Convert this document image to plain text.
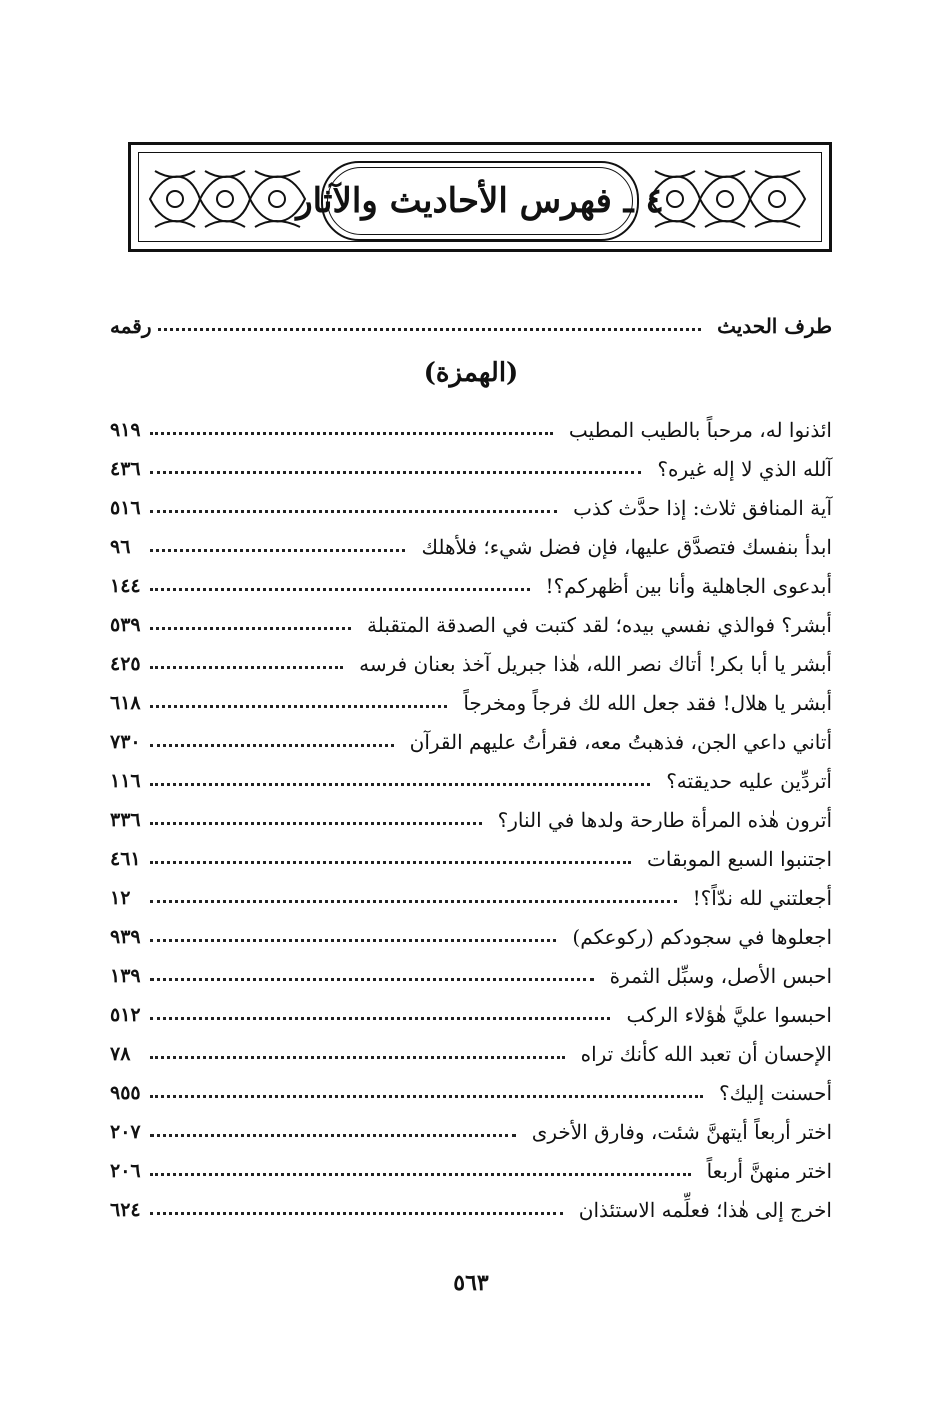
٤ ـ فهرس الأحاديث والآثار
طرف الحديث
رقمه
(الهمزة)
ائذنوا له، مرحباً بالطيب المطيب
٩١٩
آلله الذي لا إله غيره؟
٤٣٦
آية المنافق ثلاث: إذا حدَّث كذب
٥١٦
ابدأ بنفسك فتصدَّق عليها، فإن فضل شيء؛ فلأهلك
٩٦
أبدعوى الجاهلية وأنا بين أظهركم؟!
١٤٤
أبشر؟ فوالذي نفسي بيده؛ لقد كتبت في الصدقة المتقبلة
٥٣٩
أبشر يا أبا بكر! أتاك نصر الله، هٰذا جبريل آخذ بعنان فرسه
٤٢٥
أبشر يا هلال! فقد جعل الله لك فرجاً ومخرجاً
٦١٨
أتاني داعي الجن، فذهبتُ معه، فقرأتُ عليهم القرآن
٧٣٠
أتردِّين عليه حديقته؟
١١٦
أترون هٰذه المرأة طارحة ولدها في النار؟
٣٣٦
اجتنبوا السبع الموبقات
٤٦١
أجعلتني لله ندّاً؟!
١٢
اجعلوها في سجودكم (ركوعكم)
٩٣٩
احبس الأصل، وسبِّل الثمرة
١٣٩
احبسوا عليَّ هٰؤلاء الركب
٥١٢
الإحسان أن تعبد الله كأنك تراه
٧٨
أحسنت إليك؟
٩٥٥
اختر أربعاً أيتهنَّ شئت، وفارق الأخرى
٢٠٧
اختر منهنَّ أربعاً
٢٠٦
اخرج إلى هٰذا؛ فعلِّمه الاستئذان
٦٢٤
٥٦٣
